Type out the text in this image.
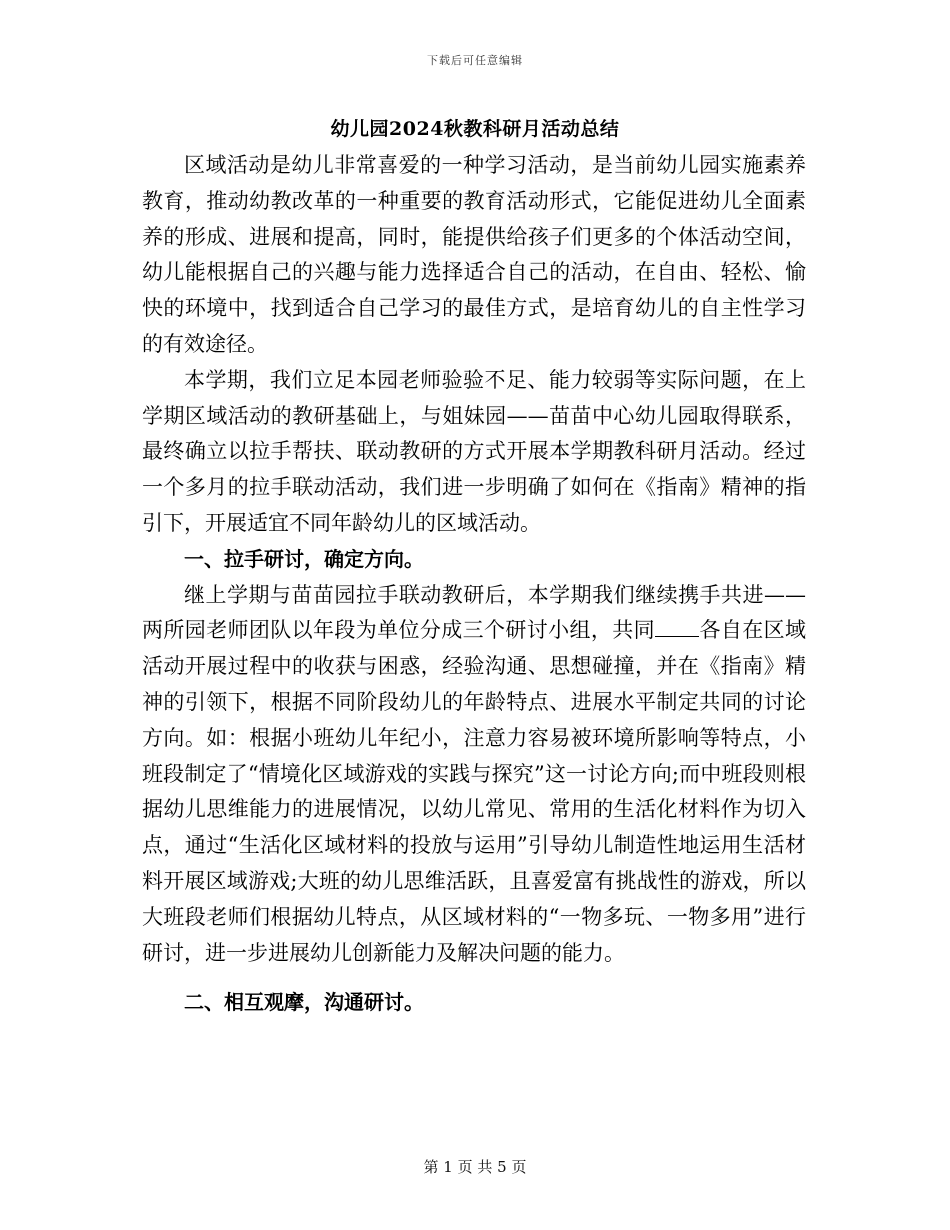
下载后可任意编辑
幼儿园2024秋教科研月活动总结

区域活动是幼儿非常喜爱的一种学习活动，是当前幼儿园实施素养教育，推动幼教改革的一种重要的教育活动形式，它能促进幼儿全面素养的形成、进展和提高，同时，能提供给孩子们更多的个体活动空间，幼儿能根据自己的兴趣与能力选择适合自己的活动，在自由、轻松、愉快的环境中，找到适合自己学习的最佳方式，是培育幼儿的自主性学习的有效途径。

本学期，我们立足本园老师验验不足、能力较弱等实际问题，在上学期区域活动的教研基础上，与姐妹园——苗苗中心幼儿园取得联系，最终确立以拉手帮扶、联动教研的方式开展本学期教科研月活动。经过一个多月的拉手联动活动，我们进一步明确了如何在《指南》精神的指引下，开展适宜不同年龄幼儿的区域活动。

一、拉手研讨，确定方向。

继上学期与苗苗园拉手联动教研后，本学期我们继续携手共进——两所园老师团队以年段为单位分成三个研讨小组，共同 各自在区域活动开展过程中的收获与困惑，经验沟通、思想碰撞，并在《指南》精神的引领下，根据不同阶段幼儿的年龄特点、进展水平制定共同的讨论方向。如：根据小班幼儿年纪小，注意力容易被环境所影响等特点，小班段制定了“情境化区域游戏的实践与探究”这一讨论方向;而中班段则根据幼儿思维能力的进展情况，以幼儿常见、常用的生活化材料作为切入点，通过“生活化区域材料的投放与运用”引导幼儿制造性地运用生活材料开展区域游戏;大班的幼儿思维活跃，且喜爱富有挑战性的游戏，所以大班段老师们根据幼儿特点，从区域材料的“一物多玩、一物多用”进行研讨，进一步进展幼儿创新能力及解决问题的能力。

二、相互观摩，沟通研讨。

第 1 页 共 5 页
